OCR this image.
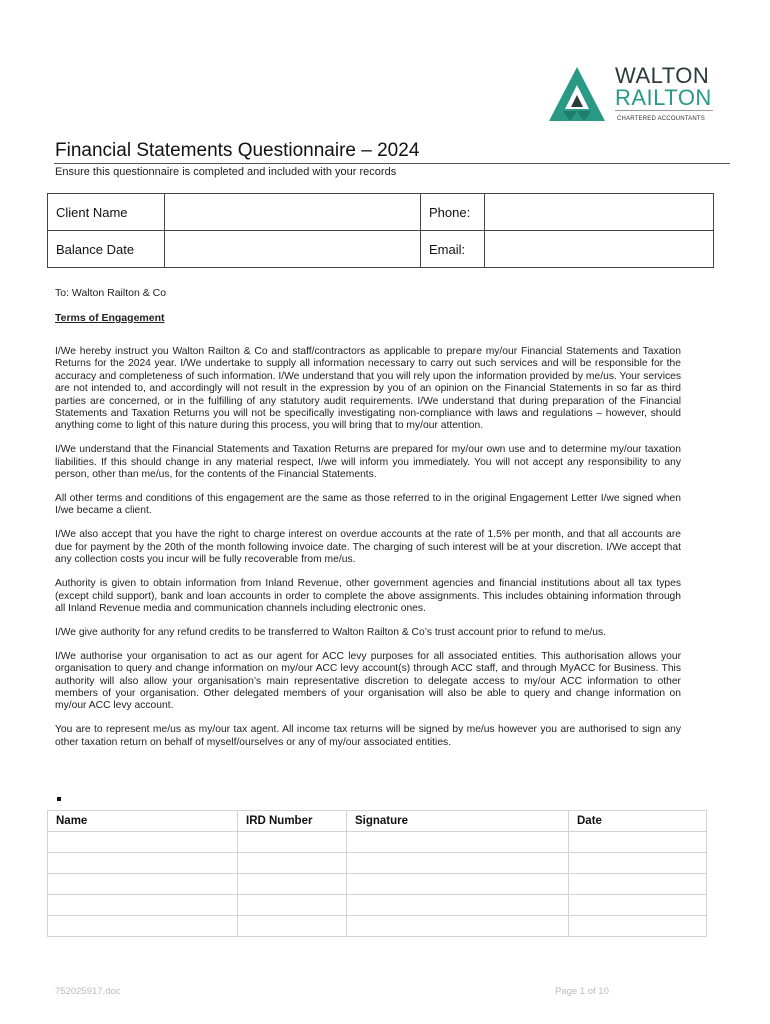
WALTON
RAILTON
CHARTERED ACCOUNTANTS
Financial Statements Questionnaire – 2024
Ensure this questionnaire is completed and included with your records
Client Name		Phone:	
Balance Date		Email:	
To: Walton Railton & Co
Terms of Engagement

I/We hereby instruct you Walton Railton & Co and staff/contractors as applicable to prepare my/our Financial Statements and Taxation Returns for the 2024 year. I/We undertake to supply all information necessary to carry out such services and will be responsible for the accuracy and completeness of such information. I/We understand that you will rely upon the information provided by me/us. Your services are not intended to, and accordingly will not result in the expression by you of an opinion on the Financial Statements in so far as third parties are concerned, or in the fulfilling of any statutory audit requirements. I/We understand that during preparation of the Financial Statements and Taxation Returns you will not be specifically investigating non-compliance with laws and regulations – however, should anything come to light of this nature during this process, you will bring that to my/our attention.

I/We understand that the Financial Statements and Taxation Returns are prepared for my/our own use and to determine my/our taxation liabilities. If this should change in any material respect, I/we will inform you immediately. You will not accept any responsibility to any person, other than me/us, for the contents of the Financial Statements.

All other terms and conditions of this engagement are the same as those referred to in the original Engagement Letter I/we signed when I/we became a client.

I/We also accept that you have the right to charge interest on overdue accounts at the rate of 1.5% per month, and that all accounts are due for payment by the 20th of the month following invoice date. The charging of such interest will be at your discretion. I/We accept that any collection costs you incur will be fully recoverable from me/us.

Authority is given to obtain information from Inland Revenue, other government agencies and financial institutions about all tax types (except child support), bank and loan accounts in order to complete the above assignments. This includes obtaining information through all Inland Revenue media and communication channels including electronic ones.

I/We give authority for any refund credits to be transferred to Walton Railton & Co’s trust account prior to refund to me/us.

I/We authorise your organisation to act as our agent for ACC levy purposes for all associated entities. This authorisation allows your organisation to query and change information on my/our ACC levy account(s) through ACC staff, and through MyACC for Business. This authority will also allow your organisation’s main representative discretion to delegate access to my/our ACC information to other members of your organisation. Other delegated members of your organisation will also be able to query and change information on my/our ACC levy account.

You are to represent me/us as my/our tax agent. All income tax returns will be signed by me/us however you are authorised to sign any other taxation return on behalf of myself/ourselves or any of my/our associated entities.

Name	IRD Number	Signature	Date

752025917.doc	Page 1 of 10
